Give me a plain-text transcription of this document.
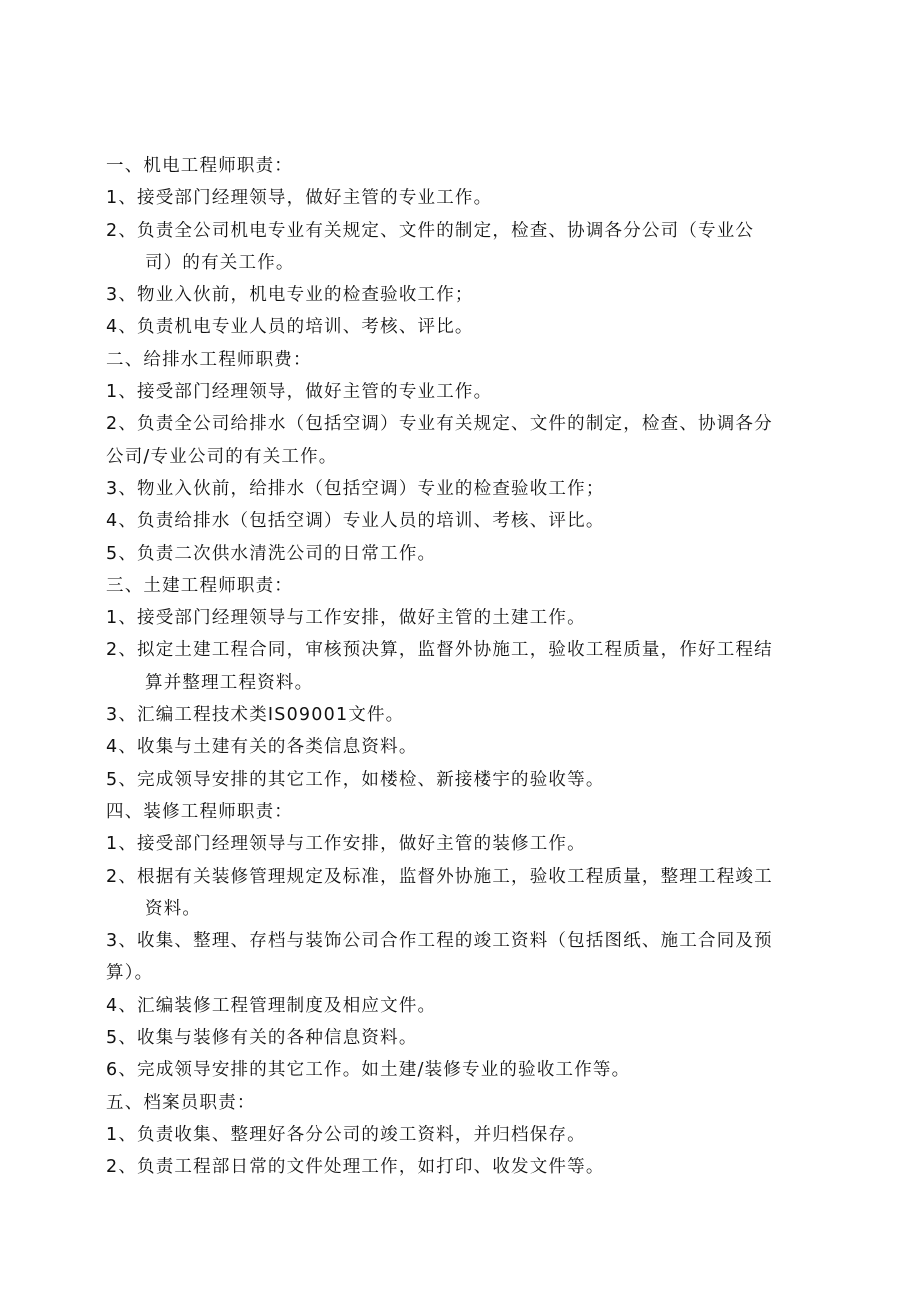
一、机电工程师职责：
1、接受部门经理领导，做好主管的专业工作。
2、负责全公司机电专业有关规定、文件的制定，检查、协调各分公司（专业公
司）的有关工作。
3、物业入伙前，机电专业的检查验收工作；
4、负责机电专业人员的培训、考核、评比。
二、给排水工程师职费：
1、接受部门经理领导，做好主管的专业工作。
2、负责全公司给排水（包括空调）专业有关规定、文件的制定，检查、协调各分
公司/专业公司的有关工作。
3、物业入伙前，给排水（包括空调）专业的检查验收工作；
4、负责给排水（包括空调）专业人员的培训、考核、评比。
5、负责二次供水清洗公司的日常工作。
三、土建工程师职责：
1、接受部门经理领导与工作安排，做好主管的土建工作。
2、拟定土建工程合同，审核预决算，监督外协施工，验收工程质量，作好工程结
算并整理工程资料。
3、汇编工程技术类IS09001文件。
4、收集与土建有关的各类信息资料。
5、完成领导安排的其它工作，如楼检、新接楼宇的验收等。
四、装修工程师职责：
1、接受部门经理领导与工作安排，做好主管的装修工作。
2、根据有关装修管理规定及标准，监督外协施工，验收工程质量，整理工程竣工
资料。
3、收集、整理、存档与装饰公司合作工程的竣工资料（包括图纸、施工合同及预
算）。
4、汇编装修工程管理制度及相应文件。
5、收集与装修有关的各种信息资料。
6、完成领导安排的其它工作。如土建/装修专业的验收工作等。
五、档案员职责：
1、负责收集、整理好各分公司的竣工资料，并归档保存。
2、负责工程部日常的文件处理工作，如打印、收发文件等。
